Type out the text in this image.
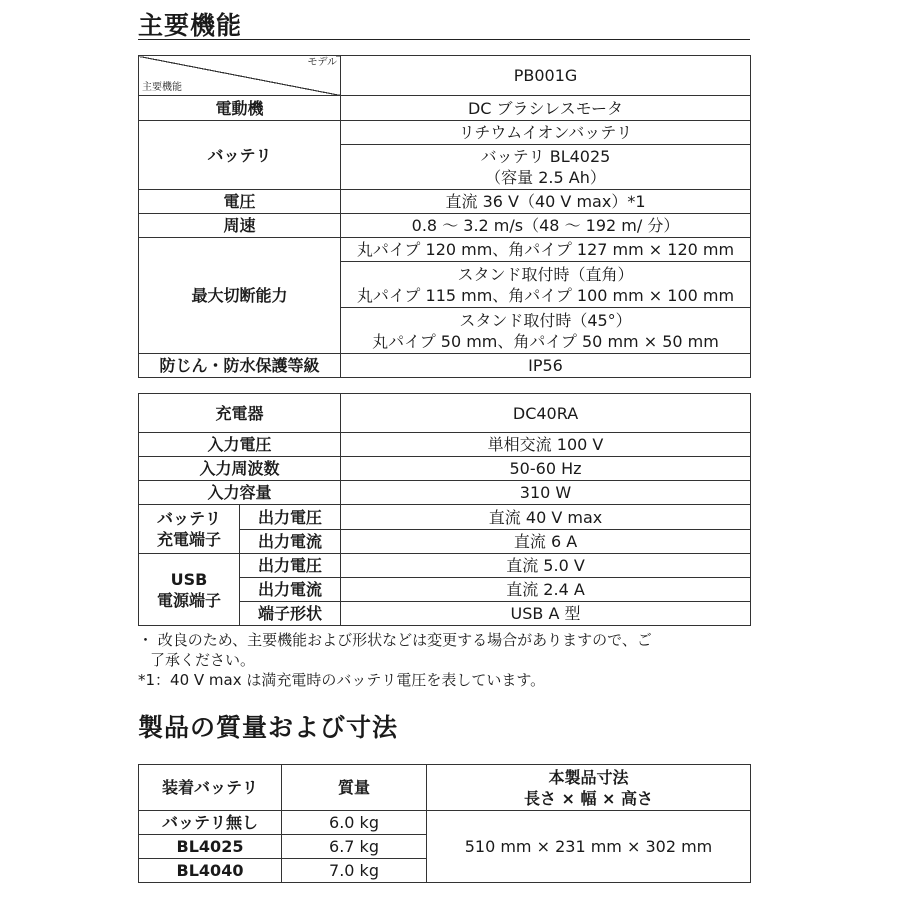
主要機能
モデル
主要機能	PB001G
電動機	DC ブラシレスモータ
バッテリ	リチウムイオンバッテリ

	バッテリ BL4025
（容量 2.5 Ah）

電圧	直流 36 V（40 V max）*1
周速	0.8 ～ 3.2 m/s（48 ～ 192 m/ 分）
最大切断能力	丸パイプ 120 mm、角パイプ 127 mm × 120 mm

	スタンド取付時（直角）
丸パイプ 115 mm、角パイプ 100 mm × 100 mm

	スタンド取付時（45°）
丸パイプ 50 mm、角パイプ 50 mm × 50 mm

防じん・防水保護等級	IP56
充電器		DC40RA
入力電圧		単相交流 100 V
入力周波数		50-60 Hz
入力容量		310 W

バッテリ
充電端子	出力電圧	直流 40 V max
	出力電流	直流 6 A

USB
電源端子	出力電圧	直流 5.0 V
	出力電流	直流 2.4 A
	端子形状	USB A 型
・ 改良のため、主要機能および形状などは変更する場合がありますので、ご
了承ください。
*1：40 V max は満充電時のバッテリ電圧を表しています。
製品の質量および寸法
装着バッテリ	質量	本製品寸法
長さ × 幅 × 高さ

バッテリ無し	6.0 kg	510 mm × 231 mm × 302 mm
BL4025	6.7 kg	
BL4040	7.0 kg	
